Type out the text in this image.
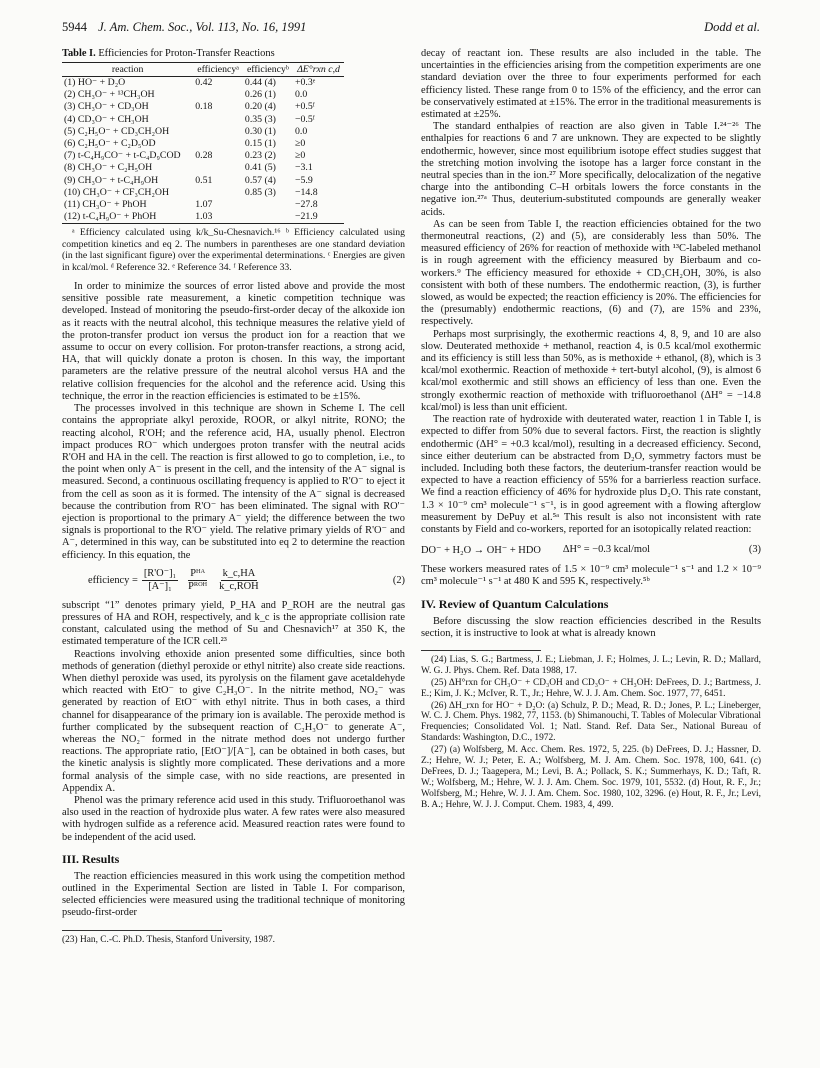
5944 J. Am. Chem. Soc., Vol. 113, No. 16, 1991	Dodd et al.
Table I. Efficiencies for Proton-Transfer Reactions
reaction	efficiencyᵃ	efficiencyᵇ	ΔE°rxn c,d
(1) HO⁻ + D₂O	0.42	0.44 (4)	+0.3ᵉ
(2) CH₃O⁻ + ¹³CH₃OH		0.26 (1)	0.0
(3) CH₃O⁻ + CD₃OH	0.18	0.20 (4)	+0.5ᶠ
(4) CD₃O⁻ + CH₃OH		0.35 (3)	−0.5ᶠ
(5) C₂H₅O⁻ + CD₃CH₂OH		0.30 (1)	0.0
(6) C₂H₅O⁻ + C₂D₅OD		0.15 (1)	≥0
(7) t-C₄H₉CO⁻ + t-C₄D₉COD	0.28	0.23 (2)	≥0
(8) CH₃O⁻ + C₂H₅OH		0.41 (5)	−3.1
(9) CH₃O⁻ + t-C₄H₉OH	0.51	0.57 (4)	−5.9
(10) CH₃O⁻ + CF₃CH₂OH		0.85 (3)	−14.8
(11) CH₃O⁻ + PhOH	1.07		−27.8
(12) t-C₄H₉O⁻ + PhOH	1.03		−21.9

ᵃ Efficiency calculated using k/k_Su-Chesnavich.¹⁶ ᵇ Efficiency calculated using competition kinetics and eq 2. The numbers in parentheses are one standard deviation (in the last significant figure) over the experimental determinations. ᶜ Energies are given in kcal/mol. ᵈ Reference 32. ᵉ Reference 34. ᶠ Reference 33.

In order to minimize the sources of error listed above and provide the most sensitive possible rate measurement, a kinetic competition technique was developed. Instead of monitoring the pseudo-first-order decay of the alkoxide ion as it reacts with the neutral alcohol, this technique measures the relative yield of the proton-transfer product ion versus the product ion for a reaction that we assume to occur on every collision. For proton-transfer reactions, a strong acid, HA, that will quickly donate a proton is chosen. In this way, the important parameters are the relative pressure of the neutral alcohol versus HA and the relative collision frequencies for the alcohol and the reference acid. Using this technique, the error in the reaction efficiencies is estimated to be ±15%.

The processes involved in this technique are shown in Scheme I. The cell contains the appropriate alkyl peroxide, ROOR, or alkyl nitrite, RONO; the reacting alcohol, R'OH; and the reference acid, HA, usually phenol. Electron impact produces RO⁻ which undergoes proton transfer with the neutral acids R'OH and HA in the cell. The reaction is first allowed to go to completion, i.e., to the point when only A⁻ is present in the cell, and the intensity of the A⁻ signal is measured. Second, a continuous oscillating frequency is applied to R'O⁻ to eject it from the cell as soon as it is formed. The intensity of the A⁻ signal is decreased because the contribution from R'O⁻ has been eliminated. The signal with RO'⁻ ejection is proportional to the primary A⁻ yield; the difference between the two signals is proportional to the R'O⁻ yield. The relative primary yields of R'O⁻ and A⁻, determined in this way, can be substituted into eq 2 to determine the reaction efficiency. In this equation, the

efficiency = $\frac{\text{[R'O⁻]₁}}{\text{[A⁻]₁}} \frac{\text{Pᴴᴬ}}{\text{Pᴿᴼᴴ}} \frac{k\_c,HA}{\text{k\_c,ROH}}$	(2)

subscript “1” denotes primary yield, P_HA and P_ROH are the neutral gas pressures of HA and ROH, respectively, and k_c is the appropriate collision rate constant, calculated using the method of Su and Chesnavich¹⁷ at 350 K, the estimated temperature of the ICR cell.²³

Reactions involving ethoxide anion presented some difficulties, since both methods of generation (diethyl peroxide or ethyl nitrite) also create side reactions. When diethyl peroxide was used, its pyrolysis on the filament gave acetaldehyde which reacted with EtO⁻ to give C₂H₃O⁻. In the nitrite method, NO₂⁻ was generated by reaction of EtO⁻ with ethyl nitrite. Thus in both cases, a third channel for disappearance of the primary ion is available. The peroxide method is further complicated by the subsequent reaction of C₂H₃O⁻ to generate A⁻, whereas the NO₂⁻ formed in the nitrate method does not undergo further reactions. The appropriate ratio, [EtO⁻]/[A⁻], can be obtained in both cases, but the kinetic analysis is slightly more complicated. These derivations and a more formal analysis of the simple case, with no side reactions, are presented in Appendix A.

Phenol was the primary reference acid used in this study. Trifluoroethanol was also used in the reaction of hydroxide plus water. A few rates were also measured with hydrogen sulfide as a reference acid. Measured reaction rates were found to be independent of the acid used.

III. Results

The reaction efficiencies measured in this work using the competition method outlined in the Experimental Section are listed in Table I. For comparison, selected efficiencies were measured using the traditional technique of monitoring pseudo-first-order

(23) Han, C.-C. Ph.D. Thesis, Stanford University, 1987.

decay of reactant ion. These results are also included in the table. The uncertainties in the efficiencies arising from the competition experiments are one standard deviation over the three to four experiments performed for each efficiency listed. These range from 0 to 15% of the efficiency, and the error can be conservatively estimated at ±15%. The error in the traditional measurements is estimated at ±25%.

The standard enthalpies of reaction are also given in Table I.²⁴⁻²⁶ The enthalpies for reactions 6 and 7 are unknown. They are expected to be slightly endothermic, however, since most equilibrium isotope effect studies suggest that the stretching motion involving the isotope has a larger force constant in the neutral species than in the ion.²⁷ More specifically, delocalization of the negative charge into the antibonding C–H orbitals lowers the force constants in the negative ion.²⁷ᵃ Thus, deuterium-substituted compounds are generally weaker acids.

As can be seen from Table I, the reaction efficiencies obtained for the two thermoneutral reactions, (2) and (5), are considerably less than 50%. The measured efficiency of 26% for reaction of methoxide with ¹³C-labeled methanol is in rough agreement with the efficiency measured by Bierbaum and co-workers.⁹ The efficiency measured for ethoxide + CD₃CH₂OH, 30%, is also consistent with both of these numbers. The endothermic reaction, (3), is further slowed, as would be expected; the reaction efficiency is 20%. The efficiencies for the (presumably) endothermic reactions, (6) and (7), are 15% and 23%, respectively.

Perhaps most surprisingly, the exothermic reactions 4, 8, 9, and 10 are also slow. Deuterated methoxide + methanol, reaction 4, is 0.5 kcal/mol exothermic and its efficiency is still less than 50%, as is methoxide + ethanol, (8), which is 3 kcal/mol exothermic. Reaction of methoxide + tert-butyl alcohol, (9), is almost 6 kcal/mol exothermic and still shows an efficiency of less than one. Even the strongly exothermic reaction of methoxide with trifluoroethanol (ΔH° = −14.8 kcal/mol) is less than unit efficient.

The reaction rate of hydroxide with deuterated water, reaction 1 in Table I, is expected to differ from 50% due to several factors. First, the reaction is slightly endothermic (ΔH° = +0.3 kcal/mol), resulting in a decreased efficiency. Second, since either deuterium can be abstracted from D₂O, symmetry factors must be included. Including both these factors, the deuterium-transfer reaction would be expected to have a reaction efficiency of 55% for a barrierless reaction surface. We find a reaction efficiency of 46% for hydroxide plus D₂O. This rate constant, 1.3 × 10⁻⁹ cm³ molecule⁻¹ s⁻¹, is in good agreement with a flowing afterglow measurement by DePuy et al.⁵ᵃ This result is also not inconsistent with rate constants by Field and co-workers, reported for an isotopically related reaction:

DO⁻ + H₂O → OH⁻ + HDO ΔH° = −0.3 kcal/mol	(3)

These workers measured rates of 1.5 × 10⁻⁹ cm³ molecule⁻¹ s⁻¹ and 1.2 × 10⁻⁹ cm³ molecule⁻¹ s⁻¹ at 480 K and 595 K, respectively.⁵ᵇ

IV. Review of Quantum Calculations

Before discussing the slow reaction efficiencies described in the Results section, it is instructive to look at what is already known

(24) Lias, S. G.; Bartmess, J. E.; Liebman, J. F.; Holmes, J. L.; Levin, R. D.; Mallard, W. G. J. Phys. Chem. Ref. Data 1988, 17.

(25) ΔH°rxn for CH₃O⁻ + CD₃OH and CD₃O⁻ + CH₃OH: DeFrees, D. J.; Bartmess, J. E.; Kim, J. K.; McIver, R. T., Jr.; Hehre, W. J. J. Am. Chem. Soc. 1977, 77, 6451.

(26) ΔH_rxn for HO⁻ + D₂O: (a) Schulz, P. D.; Mead, R. D.; Jones, P. L.; Lineberger, W. C. J. Chem. Phys. 1982, 77, 1153. (b) Shimanouchi, T. Tables of Molecular Vibrational Frequencies; Consolidated Vol. 1; Natl. Stand. Ref. Data Ser., National Bureau of Standards: Washington, D.C., 1972.

(27) (a) Wolfsberg, M. Acc. Chem. Res. 1972, 5, 225. (b) DeFrees, D. J.; Hassner, D. Z.; Hehre, W. J.; Peter, E. A.; Wolfsberg, M. J. Am. Chem. Soc. 1978, 100, 641. (c) DeFrees, D. J.; Taagepera, M.; Levi, B. A.; Pollack, S. K.; Summerhays, K. D.; Taft, R. W.; Wolfsberg, M.; Hehre, W. J. J. Am. Chem. Soc. 1979, 101, 5532. (d) Hout, R. F., Jr.; Wolfsberg, M.; Hehre, W. J. J. Am. Chem. Soc. 1980, 102, 3296. (e) Hout, R. F., Jr.; Levi, B. A.; Hehre, W. J. J. Comput. Chem. 1983, 4, 499.
